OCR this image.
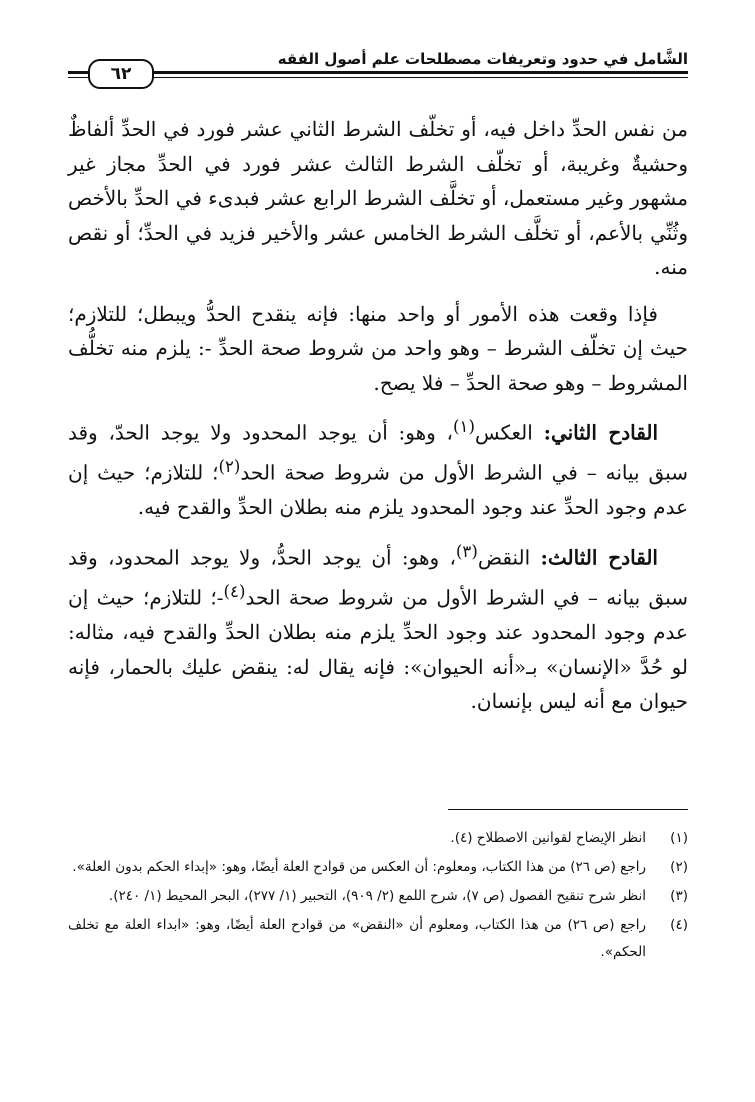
الشَّامل في حدود وتعريفات مصطلحات علم أصول الفقه
٦٢

من نفس الحدِّ داخل فيه، أو تخلّف الشرط الثاني عشر فورد في الحدِّ ألفاظٌ وحشيةٌ وغريبة، أو تخلّف الشرط الثالث عشر فورد في الحدِّ مجاز غير مشهور وغير مستعمل، أو تخلَّف الشرط الرابع عشر فبدىء في الحدِّ بالأخص وثُنِّي بالأعم، أو تخلَّف الشرط الخامس عشر والأخير فزيد في الحدِّ؛ أو نقص منه.

فإذا وقعت هذه الأمور أو واحد منها: فإنه ينقدح الحدُّ ويبطل؛ للتلازم؛ حيث إن تخلّف الشرط – وهو واحد من شروط صحة الحدِّ -: يلزم منه تخلُّف المشروط – وهو صحة الحدِّ – فلا يصح.

القادح الثاني: العكس$^{(١)}$، وهو: أن يوجد المحدود ولا يوجد الحدّ، وقد سبق بيانه – في الشرط الأول من شروط صحة الحد$^{(٢)}$؛ للتلازم؛ حيث إن عدم وجود الحدِّ عند وجود المحدود يلزم منه بطلان الحدِّ والقدح فيه.

القادح الثالث: النقض$^{(٣)}$، وهو: أن يوجد الحدُّ، ولا يوجد المحدود، وقد سبق بيانه – في الشرط الأول من شروط صحة الحد$^{(٤)}$-؛ للتلازم؛ حيث إن عدم وجود المحدود عند وجود الحدِّ يلزم منه بطلان الحدِّ والقدح فيه، مثاله: لو حُدَّ «الإنسان» بـ«أنه الحيوان»: فإنه يقال له: ينقض عليك بالحمار، فإنه حيوان مع أنه ليس بإنسان.

(١)
انظر الإيضاح لقوانين الاصطلاح (٤).
(٢)
راجع (ص ٢٦) من هذا الكتاب، ومعلوم: أن العكس من قوادح العلة أيضًا، وهو: «إبداء الحكم بدون العلة».
(٣)
انظر شرح تنقيح الفصول (ص ٧)، شرح اللمع (٢/ ٩٠٩)، التحبير (١/ ٢٧٧)، البحر المحيط (١/ ٢٤٠).
(٤)
راجع (ص ٢٦) من هذا الكتاب، ومعلوم أن «النقض» من قوادح العلة أيضًا، وهو: «ابداء العلة مع تخلف الحكم».
